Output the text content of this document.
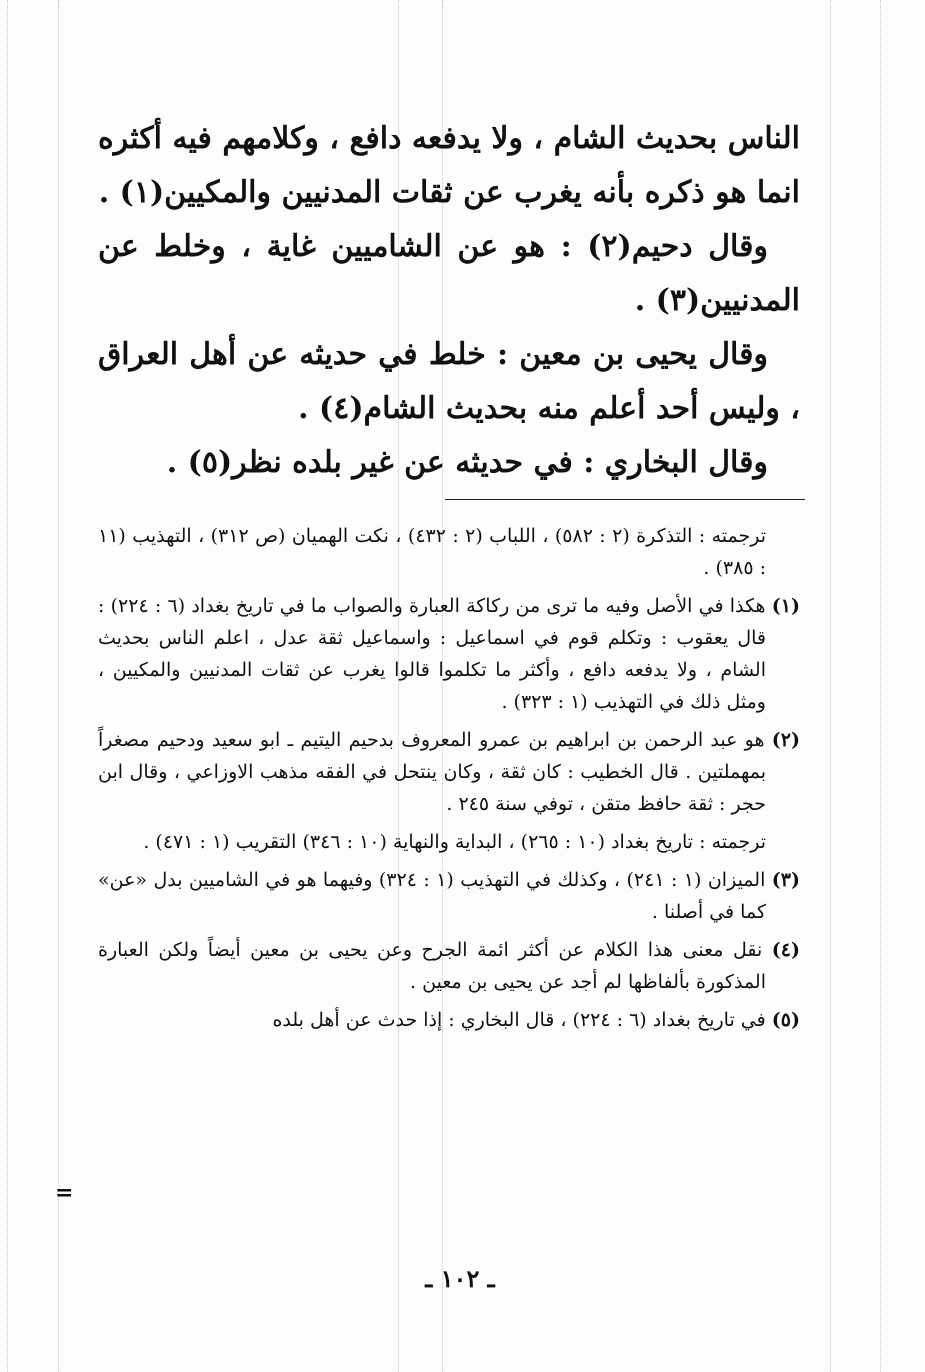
الناس بحديث الشام ، ولا يدفعه دافع ، وكلامهم فيه أكثره انما هو ذكره بأنه يغرب عن ثقات المدنيين والمكيين(١) .

وقال دحيم(٢) : هو عن الشاميين غاية ، وخلط عن المدنيين(٣) .

وقال يحيى بن معين : خلط في حديثه عن أهل العراق ، وليس أحد أعلم منه بحديث الشام(٤) .

وقال البخاري : في حديثه عن غير بلده نظر(٥) .

ترجمته : التذكرة (٢ : ٥٨٢) ، اللباب (٢ : ٤٣٢) ، نكت الهميان (ص ٣١٢) ، التهذيب (١١ : ٣٨٥) .

(١) هكذا في الأصل وفيه ما ترى من ركاكة العبارة والصواب ما في تاريخ بغداد (٦ : ٢٢٤) : قال يعقوب : وتكلم قوم في اسماعيل : واسماعيل ثقة عدل ، اعلم الناس بحديث الشام ، ولا يدفعه دافع ، وأكثر ما تكلموا قالوا يغرب عن ثقات المدنيين والمكيين ، ومثل ذلك في التهذيب (١ : ٣٢٣) .

(٢) هو عبد الرحمن بن ابراهيم بن عمرو المعروف بدحيم اليتيم ـ ابو سعيد ودحيم مصغراً بمهملتين . قال الخطيب : كان ثقة ، وكان ينتحل في الفقه مذهب الاوزاعي ، وقال ابن حجر : ثقة حافظ متقن ، توفي سنة ٢٤٥ .

ترجمته : تاريخ بغداد (١٠ : ٢٦٥) ، البداية والنهاية (١٠ : ٣٤٦) التقريب (١ : ٤٧١) .

(٣) الميزان (١ : ٢٤١) ، وكذلك في التهذيب (١ : ٣٢٤) وفيهما هو في الشاميين بدل «عن» كما في أصلنا .

(٤) نقل معنى هذا الكلام عن أكثر ائمة الجرح وعن يحيى بن معين أيضاً ولكن العبارة المذكورة بألفاظها لم أجد عن يحيى بن معين .

(٥) في تاريخ بغداد (٦ : ٢٢٤) ، قال البخاري : إذا حدث عن أهل بلده

=
ـ ١٠٢ ـ
